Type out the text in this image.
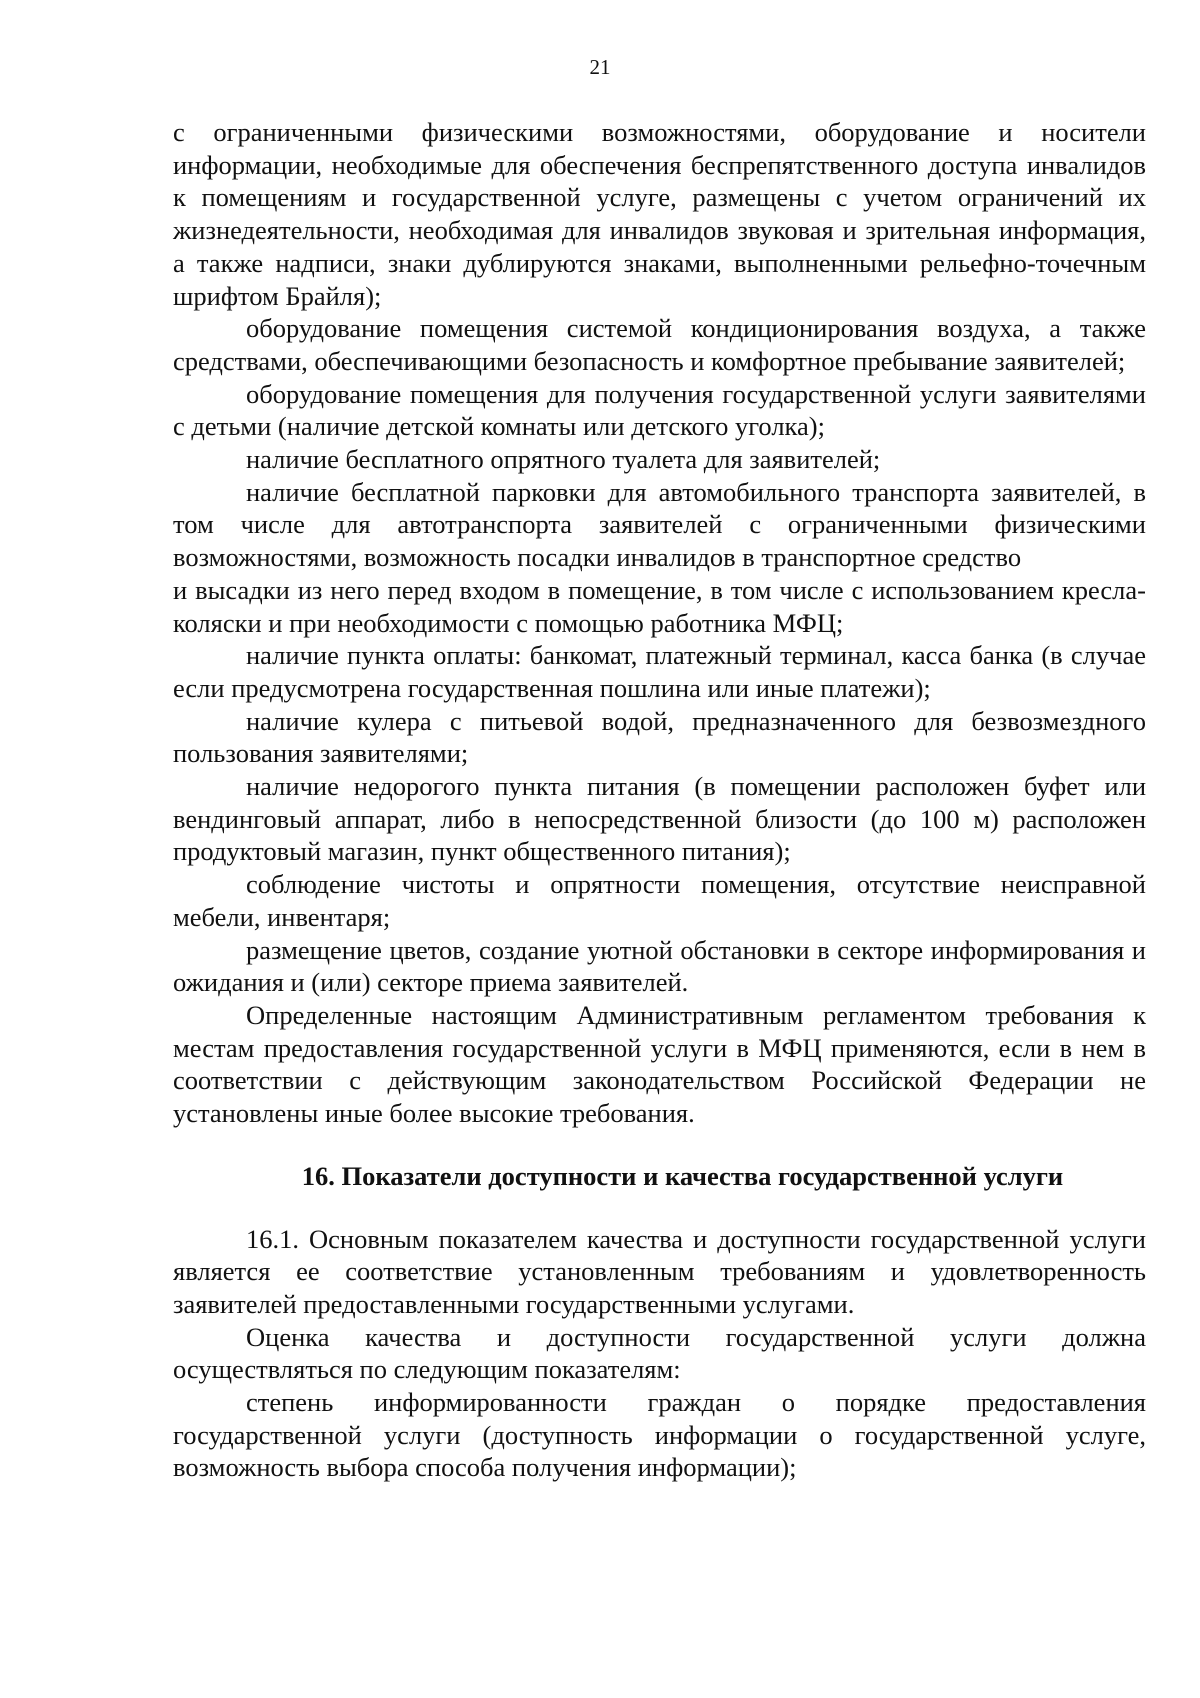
21

с ограниченными физическими возможностями, оборудование и носители информации, необходимые для обеспечения беспрепятственного доступа инвалидов к помещениям и государственной услуге, размещены с учетом ограничений их жизнедеятельности, необходимая для инвалидов звуковая и зрительная информация, а также надписи, знаки дублируются знаками, выполненными рельефно-точечным шрифтом Брайля);

оборудование помещения системой кондиционирования воздуха, а также средствами, обеспечивающими безопасность и комфортное пребывание заявителей;

оборудование помещения для получения государственной услуги заявителями с детьми (наличие детской комнаты или детского уголка);

наличие бесплатного опрятного туалета для заявителей;

наличие бесплатной парковки для автомобильного транспорта заявителей, в том числе для автотранспорта заявителей с ограниченными физическими возможностями, возможность посадки инвалидов в транспортное средство

и высадки из него перед входом в помещение, в том числе с использованием кресла-коляски и при необходимости с помощью работника МФЦ;

наличие пункта оплаты: банкомат, платежный терминал, касса банка (в случае если предусмотрена государственная пошлина или иные платежи);

наличие кулера с питьевой водой, предназначенного для безвозмездного пользования заявителями;

наличие недорогого пункта питания (в помещении расположен буфет или вендинговый аппарат, либо в непосредственной близости (до 100 м) расположен продуктовый магазин, пункт общественного питания);

соблюдение чистоты и опрятности помещения, отсутствие неисправной мебели, инвентаря;

размещение цветов, создание уютной обстановки в секторе информирования и ожидания и (или) секторе приема заявителей.

Определенные настоящим Административным регламентом требования к местам предоставления государственной услуги в МФЦ применяются, если в нем в соответствии с действующим законодательством Российской Федерации не установлены иные более высокие требования.

16. Показатели доступности и качества государственной услуги

16.1. Основным показателем качества и доступности государственной услуги является ее соответствие установленным требованиям и удовлетворенность заявителей предоставленными государственными услугами.

Оценка качества и доступности государственной услуги должна осуществляться по следующим показателям:

степень информированности граждан о порядке предоставления государственной услуги (доступность информации о государственной услуге, возможность выбора способа получения информации);
